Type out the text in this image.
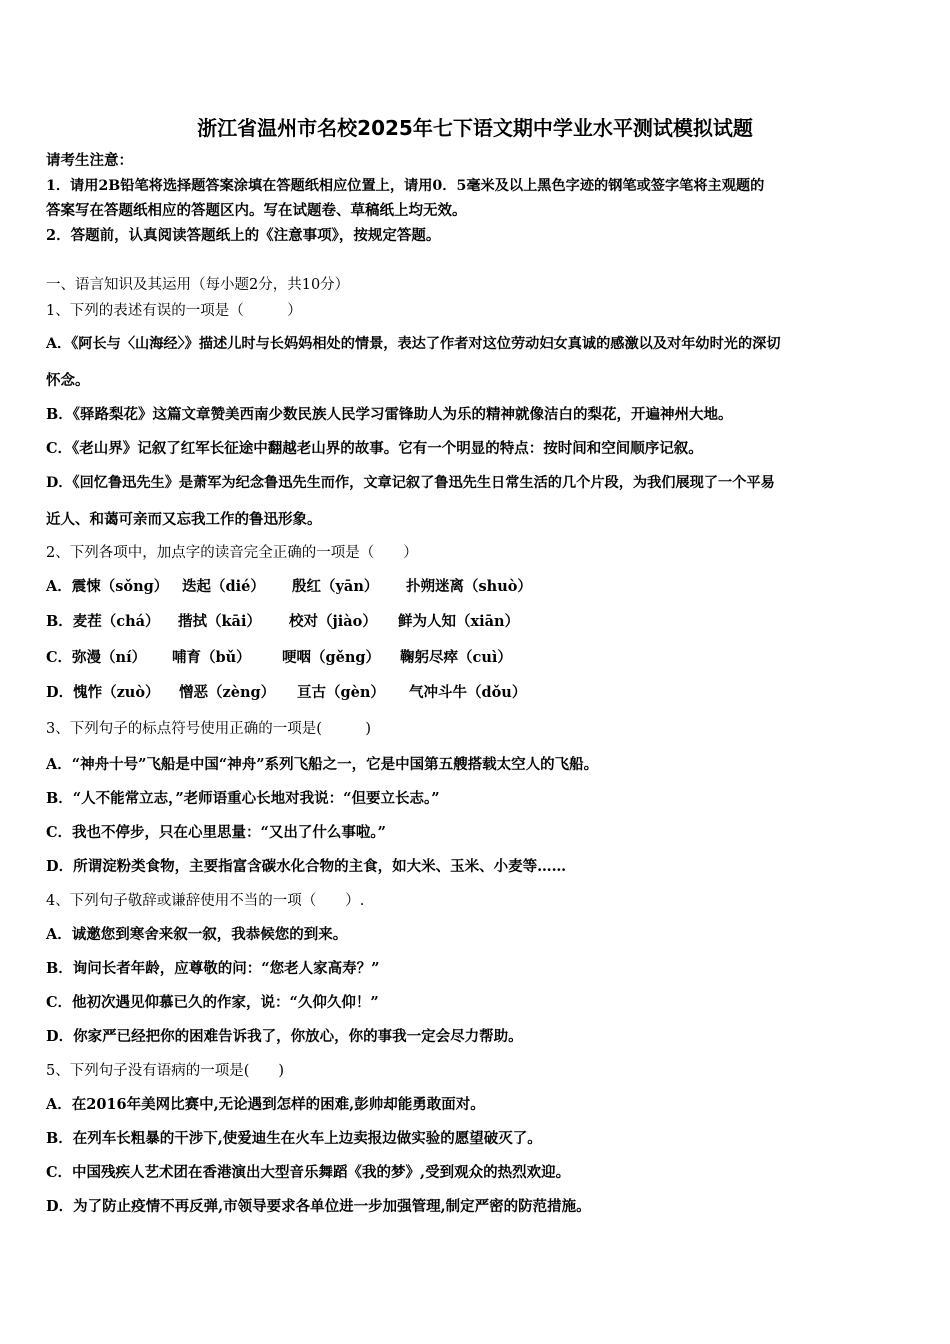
浙江省温州市名校2025年七下语文期中学业水平测试模拟试题
请考生注意：
1．请用2B铅笔将选择题答案涂填在答题纸相应位置上，请用0．5毫米及以上黑色字迹的钢笔或签字笔将主观题的
答案写在答题纸相应的答题区内。写在试题卷、草稿纸上均无效。
2．答题前，认真阅读答题纸上的《注意事项》，按规定答题。
一、语言知识及其运用（每小题2分，共10分）
1、下列的表述有误的一项是（　　　）
A．《阿长与〈山海经〉》描述儿时与长妈妈相处的情景，表达了作者对这位劳动妇女真诚的感激以及对年幼时光的深切
怀念。
B．《驿路梨花》这篇文章赞美西南少数民族人民学习雷锋助人为乐的精神就像洁白的梨花，开遍神州大地。
C．《老山界》记叙了红军长征途中翻越老山界的故事。它有一个明显的特点：按时间和空间顺序记叙。
D．《回忆鲁迅先生》是萧军为纪念鲁迅先生而作，文章记叙了鲁迅先生日常生活的几个片段，为我们展现了一个平易
近人、和蔼可亲而又忘我工作的鲁迅形象。
2、下列各项中，加点字的读音完全正确的一项是（　　）
A．震悚（sǒnɡ） 迭起（dié） 殷红（yān） 扑朔迷离（shuò）
B．麦茬（chá） 揩拭（kāi） 校对（jiào） 鲜为人知（xiān）
C．弥漫（ní） 哺育（bǔ） 哽咽（gěng） 鞠躬尽瘁（cuì）
D．愧怍（zuò） 憎恶（zèng） 亘古（gèn） 气冲斗牛（dǒu）
3、下列句子的标点符号使用正确的一项是(　　　)
A．“神舟十号”飞船是中国“神舟”系列飞船之一，它是中国第五艘搭载太空人的飞船。
B．“人不能常立志，”老师语重心长地对我说：“但要立长志。”
C．我也不停步，只在心里思量：“又出了什么事啦。”
D．所谓淀粉类食物，主要指富含碳水化合物的主食，如大米、玉米、小麦等……
4、下列句子敬辞或谦辞使用不当的一项（　　）.
A．诚邀您到寒舍来叙一叙，我恭候您的到来。
B．询问长者年龄，应尊敬的问：“您老人家高寿？”
C．他初次遇见仰慕已久的作家，说：“久仰久仰！”
D．你家严已经把你的困难告诉我了，你放心，你的事我一定会尽力帮助。
5、下列句子没有语病的一项是(　　)
A．在2016年美网比赛中,无论遇到怎样的困难,彭帅却能勇敢面对。
B．在列车长粗暴的干涉下,使爱迪生在火车上边卖报边做实验的愿望破灭了。
C．中国残疾人艺术团在香港演出大型音乐舞蹈《我的梦》,受到观众的热烈欢迎。
D．为了防止疫情不再反弹,市领导要求各单位进一步加强管理,制定严密的防范措施。
